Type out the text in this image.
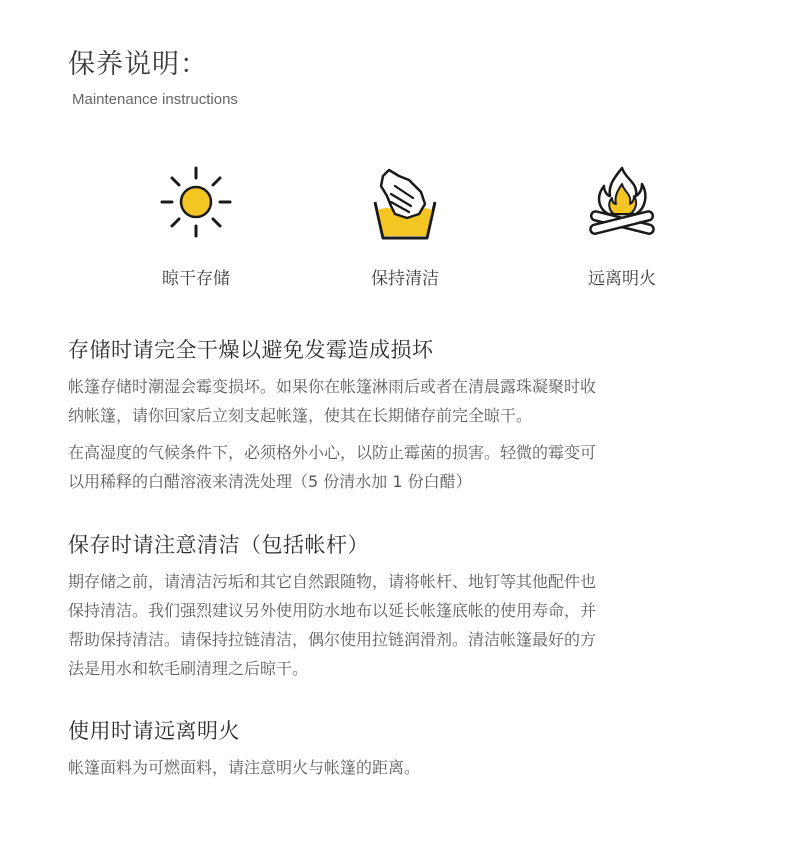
保养说明：
Maintenance instructions
晾干存储	保持清洁	远离明火
存储时请完全干燥以避免发霉造成损坏

帐篷存储时潮湿会霉变损坏。如果你在帐篷淋雨后或者在清晨露珠凝聚时收

纳帐篷，请你回家后立刻支起帐篷，使其在长期储存前完全晾干。

在高湿度的气候条件下，必须格外小心，以防止霉菌的损害。轻微的霉变可

以用稀释的白醋溶液来清洗处理（5 份清水加 1 份白醋）

保存时请注意清洁（包括帐杆）

期存储之前，请清洁污垢和其它自然跟随物，请将帐杆、地钉等其他配件也

保持清洁。我们强烈建议另外使用防水地布以延长帐篷底帐的使用寿命，并

帮助保持清洁。请保持拉链清洁，偶尔使用拉链润滑剂。清洁帐篷最好的方

法是用水和软毛刷清理之后晾干。

使用时请远离明火

帐篷面料为可燃面料，请注意明火与帐篷的距离。
